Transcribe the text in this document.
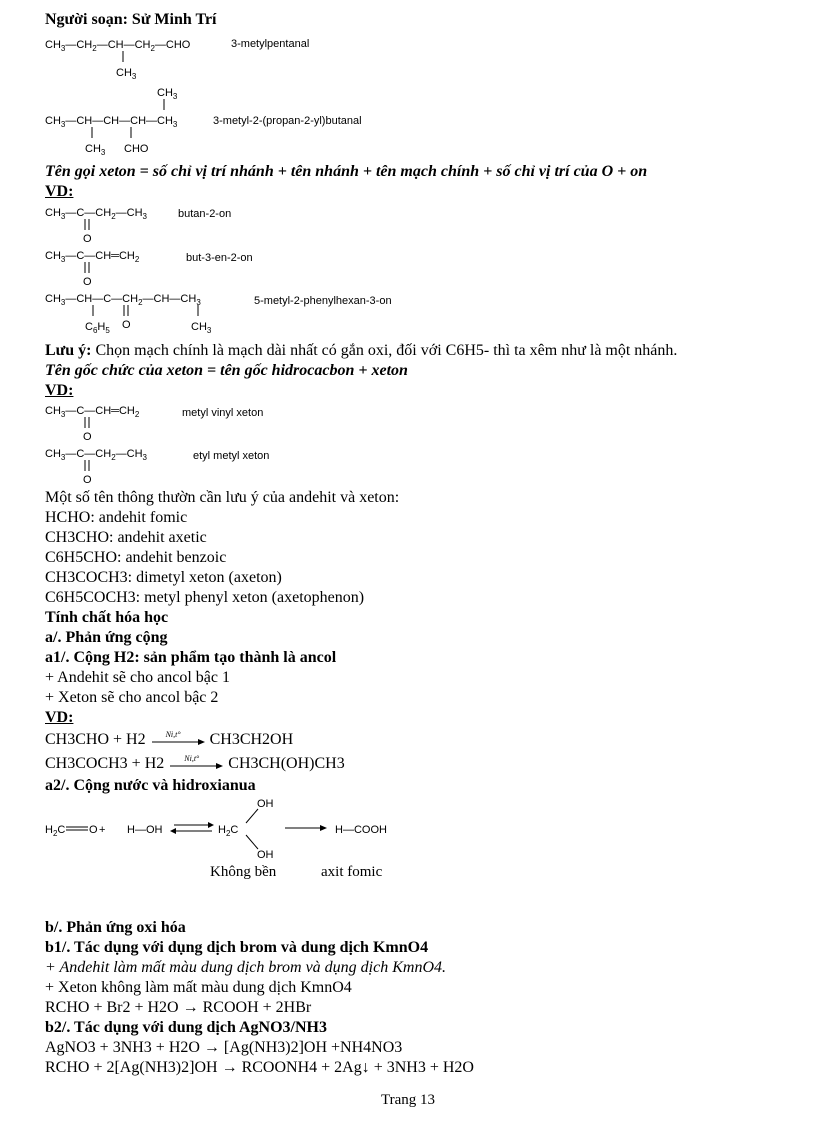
Người soạn: Sử Minh Trí
$CH_3—CH_2—CH—CH_2—CHO$
$CH_3$
3-metylpentanal
$CH_3$
$CH_3—CH—CH—CH—CH_3$
$CH_3$ CHO
3-metyl-2-(propan-2-yl)butanal
Tên gọi xeton = số chỉ vị trí nhánh + tên nhánh + tên mạch chính + số chỉ vị trí của O + on
VD:
$CH_3—C—CH_2—CH_3$
O
butan-2-on
$CH_3—C—CH═CH_2$
O
but-3-en-2-on
$CH_3—CH—C—CH_2—CH—CH_3$
$C_6H_5$ O	$CH_3$
5-metyl-2-phenylhexan-3-on
Lưu ý: Chọn mạch chính là mạch dài nhất có gắn oxi, đối với C6H5- thì ta xêm như là một nhánh.
Tên gốc chức của xeton = tên gốc hidrocacbon + xeton
VD:
$CH_3—C—CH═CH_2$
O
metyl vinyl xeton
$CH_3—C—CH_2—CH_3$
O
etyl metyl xeton
Một số tên thông thườn cần lưu ý của andehit và xeton:
HCHO: andehit fomic
CH3CHO: andehit axetic
C6H5CHO: andehit benzoic
CH3COCH3: dimetyl xeton (axeton)
C6H5COCH3: metyl phenyl xeton (axetophenon)
Tính chất hóa học
a/. Phản ứng cộng
a1/. Cộng H2: sản phẩm tạo thành là ancol
+ Andehit sẽ cho ancol bậc 1
+ Xeton sẽ cho ancol bậc 2
VD:
CH3CHO + H2	Ni,t° CH3CH2OH
CH3COCH3 + H2	Ni,t° CH3CH(OH)CH3
a2/. Cộng nước và hidroxianua
$H_2C$ O + H—OH	$H_2C$
OH
OH
H—COOH
Không bền	axit fomic
b/. Phản ứng oxi hóa
b1/. Tác dụng với dụng dịch brom và dung dịch KmnO4
+ Andehit làm mất màu dung dịch brom và dụng dịch KmnO4.
+ Xeton không làm mất màu dung dịch KmnO4
RCHO + Br2 + H2O → RCOOH + 2HBr
b2/. Tác dụng với dung dịch AgNO3/NH3
AgNO3 + 3NH3 + H2O → [Ag(NH3)2]OH +NH4NO3
RCHO + 2[Ag(NH3)2]OH → RCOONH4 + 2Ag↓ + 3NH3 + H2O
Trang 13
